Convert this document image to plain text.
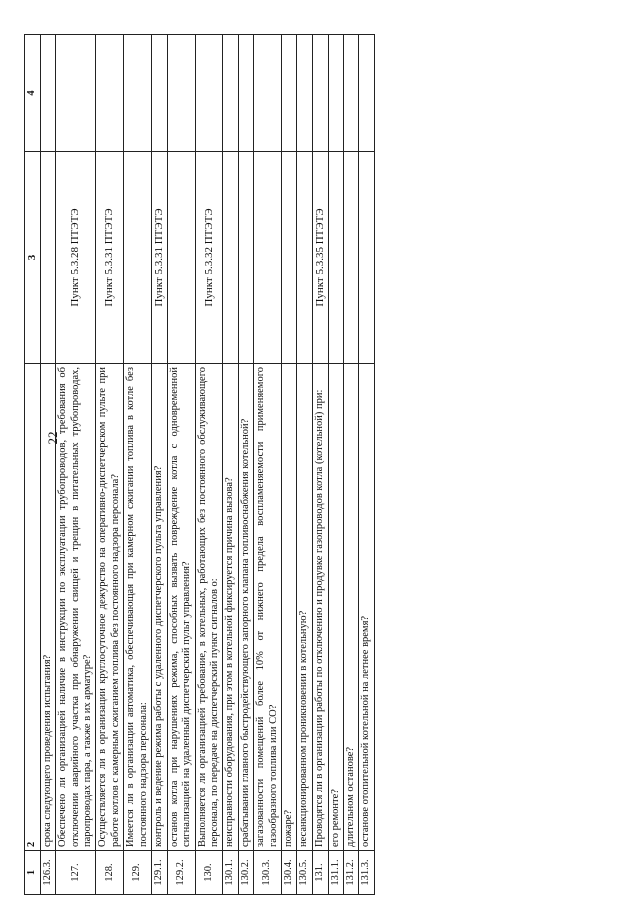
22
1	2	3	4
126.3.	срока следующего проведения испытания?		
127.	Обеспечено ли организацией наличие в инструкции по эксплуатации трубопроводов, требования об отключении аварийного участка при обнаружении свищей и трещин в питательных трубопроводах, паропроводах пара, а также в их арматуре?	Пункт 5.3.28 ПТЭТЭ	
128.	Осуществляется ли в организации круглосуточное дежурство на оперативно-диспетчерском пульте при работе котлов с камерным сжиганием топлива без постоянного надзора персонала?	Пункт 5.3.31 ПТЭТЭ	
129.	Имеется ли в организации автоматика, обеспечивающая при камерном сжигании топлива в котле без постоянного надзора персонала:		
129.1.	контроль и ведение режима работы с удаленного диспетчерского пульта управления?	Пункт 5.3.31 ПТЭТЭ	
129.2.	останов котла при нарушениях режима, способных вызвать повреждение котла с одновременной сигнализацией на удаленный диспетчерский пульт управления?		
130.	Выполняется ли организацией требование, в котельных, работающих без постоянного обслуживающего персонала, по передаче на диспетчерский пункт сигналов о:	Пункт 5.3.32 ПТЭТЭ	
130.1.	неисправности оборудования, при этом в котельной фиксируется причина вызова?		
130.2.	срабатывании главного быстродействующего запорного клапана топливоснабжения котельной?		
130.3.	загазованности помещений более 10% от нижнего предела воспламеняемости применяемого газообразного топлива или СО?		
130.4.	пожаре?		
130.5.	несанкционированном проникновении в котельную?		
131.	Проводятся ли в организации работы по отключению и продувке газопроводов котла (котельной) при:	Пункт 5.3.35 ПТЭТЭ	
131.1.	его ремонте?		
131.2.	длительном останове?		
131.3.	останове отопительной котельной на летнее время?		
